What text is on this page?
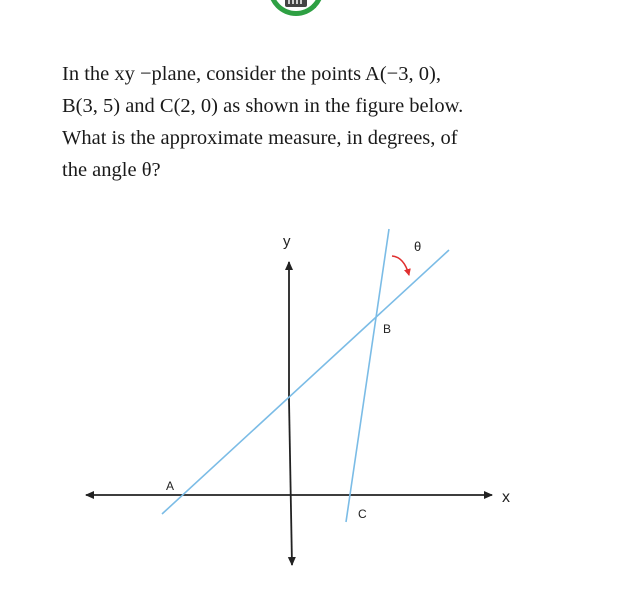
In the xy −plane, consider the points A(−3, 0),
B(3, 5) and C(2, 0) as shown in the figure below.
What is the approximate measure, in degrees, of
the angle θ?
y
x
A
B
C
θ
